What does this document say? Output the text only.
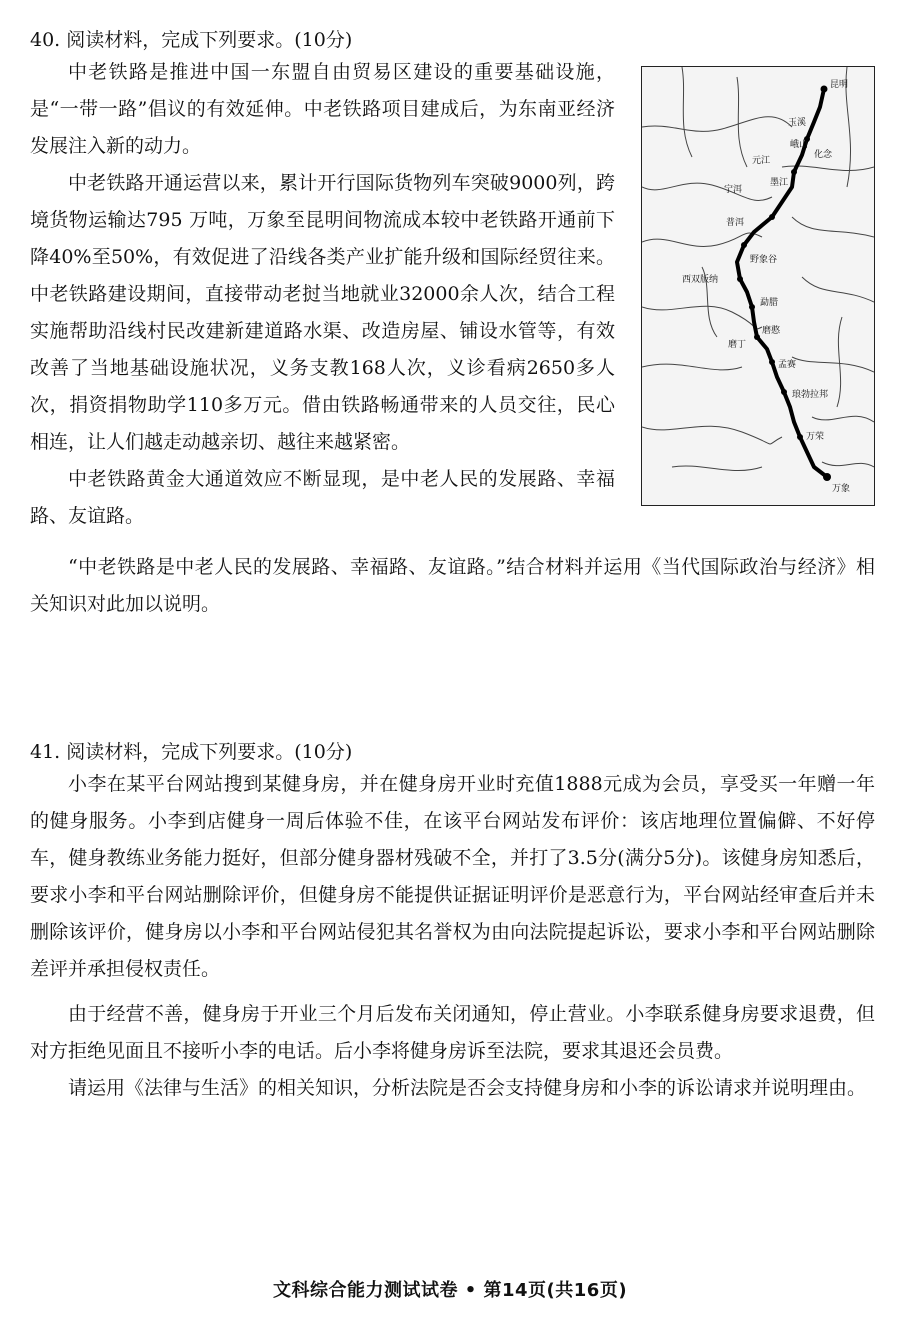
40. 阅读材料，完成下列要求。(10分)

中老铁路是推进中国一东盟自由贸易区建设的重要基础设施，是“一带一路”倡议的有效延伸。中老铁路项目建成后，为东南亚经济发展注入新的动力。

中老铁路开通运营以来，累计开行国际货物列车突破9000列，跨境货物运输达795 万吨，万象至昆明间物流成本较中老铁路开通前下降40%至50%，有效促进了沿线各类产业扩能升级和国际经贸往来。中老铁路建设期间，直接带动老挝当地就业32000余人次，结合工程实施帮助沿线村民改建新建道路水渠、改造房屋、铺设水管等，有效改善了当地基础设施状况，义务支教168人次，义诊看病2650多人次，捐资捐物助学110多万元。借由铁路畅通带来的人员交往，民心相连，让人们越走动越亲切、越往来越紧密。

中老铁路黄金大通道效应不断显现，是中老人民的发展路、幸福路、友谊路。

“中老铁路是中老人民的发展路、幸福路、友谊路。”结合材料并运用《当代国际政治与经济》相关知识对此加以说明。

昆明
玉溪
峨山
化念
元江
墨江
宁洱
普洱
野象谷
西双版纳
勐腊
磨憨
磨丁
孟赛
琅勃拉邦
万荣
万象

41. 阅读材料，完成下列要求。(10分)

小李在某平台网站搜到某健身房，并在健身房开业时充值1888元成为会员，享受买一年赠一年的健身服务。小李到店健身一周后体验不佳，在该平台网站发布评价：该店地理位置偏僻、不好停车，健身教练业务能力挺好，但部分健身器材残破不全，并打了3.5分(满分5分)。该健身房知悉后，要求小李和平台网站删除评价，但健身房不能提供证据证明评价是恶意行为，平台网站经审查后并未删除该评价，健身房以小李和平台网站侵犯其名誉权为由向法院提起诉讼，要求小李和平台网站删除差评并承担侵权责任。

由于经营不善，健身房于开业三个月后发布关闭通知，停止营业。小李联系健身房要求退费，但对方拒绝见面且不接听小李的电话。后小李将健身房诉至法院，要求其退还会员费。

请运用《法律与生活》的相关知识，分析法院是否会支持健身房和小李的诉讼请求并说明理由。

文科综合能力测试试卷 • 第14页(共16页)
